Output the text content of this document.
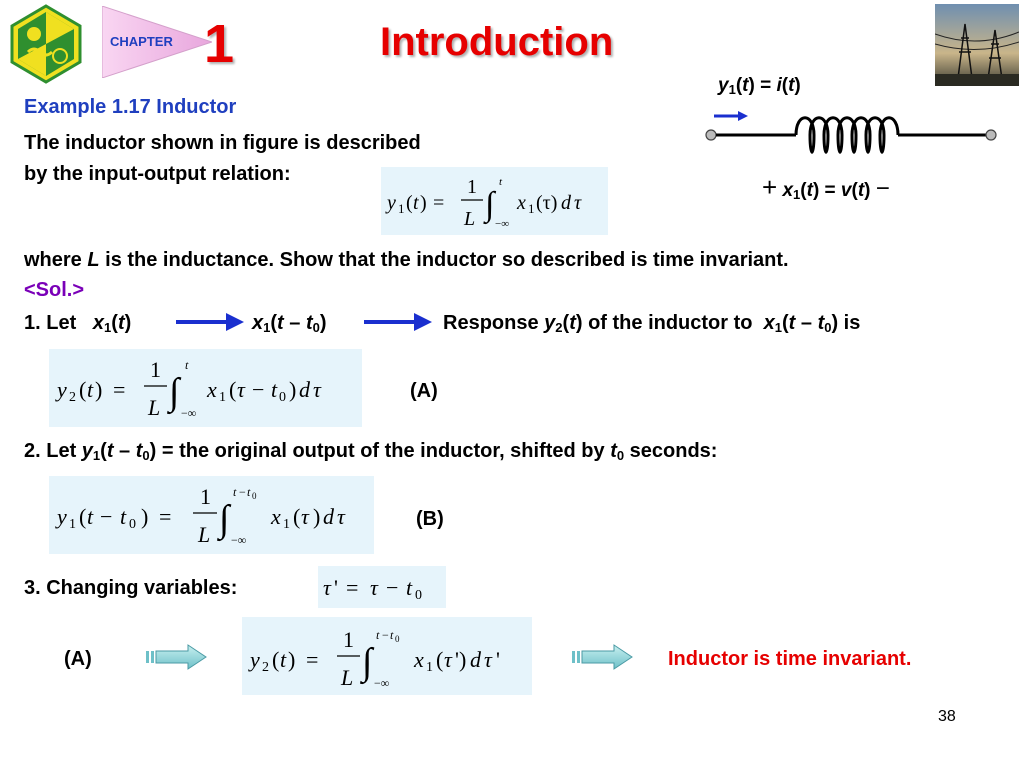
CHAPTER 1	Introduction
Example 1.17 Inductor
The inductor shown in figure is described
by the input-output relation:
y 1 ( t ) =
1
L ∫
t
−∞
x 1 (τ) d τ
$y_1(t) = i(t)$
+ $x_1(t) = v(t)$ −
where L is the inductance. Show that the inductor so described is time invariant.
<Sol.>
1. Let   $x_1(t)$	$x_1(t - t_0)$	Response $y_2(t)$ of the inductor to  $x_1(t - t_0)$ is
y 2 ( t ) =
1
L ∫
t
−∞
x 1 ( τ − t 0 ) d τ	(A)
2. Let $y_1(t - t_0)$ = the original output of the inductor, shifted by $t_0$ seconds:
y 1 ( t − t 0 ) =
1
L ∫
t − t 0
−∞
x 1 ( τ ) d τ	(B)
3. Changing variables:	τ ' = τ − t 0
(A)	y 2 ( t ) =
1
L ∫
t − t 0
−∞
x 1 ( τ ') d τ '	Inductor is time invariant.
38
